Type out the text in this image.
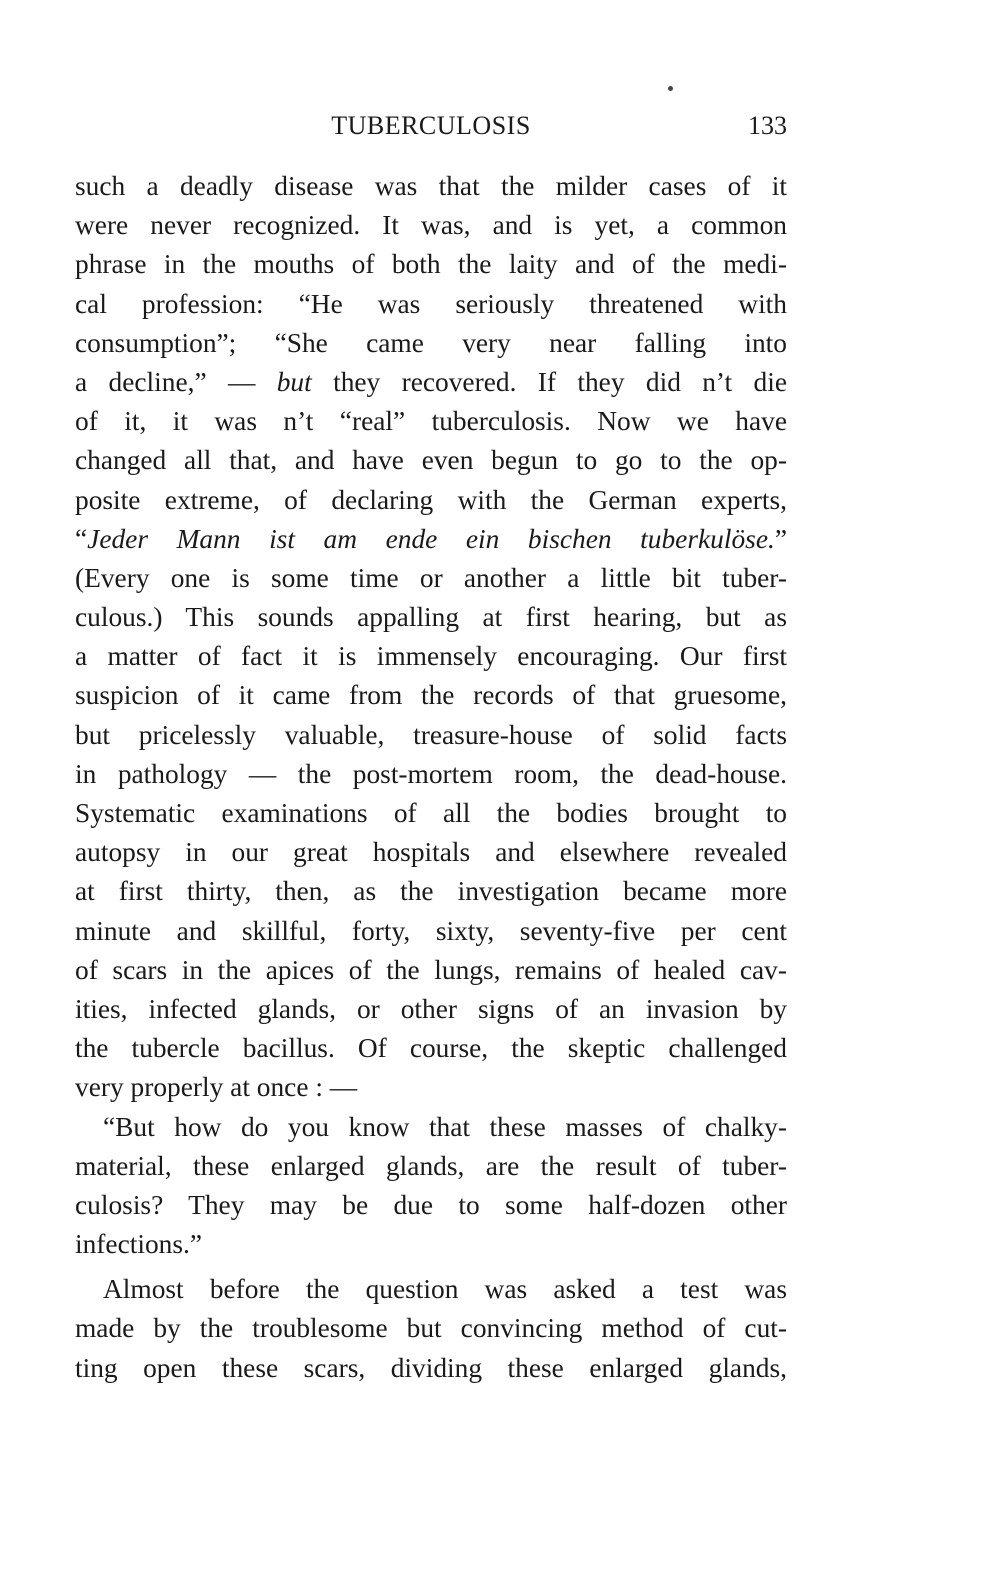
TUBERCULOSIS	133
such a deadly disease was that the milder cases of it
were never recognized. It was, and is yet, a common
phrase in the mouths of both the laity and of the medi-
cal profession: “He was seriously threatened with
consumption”; “She came very near falling into
a decline,” — but they recovered. If they did n’t die
of it, it was n’t “real” tuberculosis. Now we have
changed all that, and have even begun to go to the op-
posite extreme, of declaring with the German experts,
“Jeder Mann ist am ende ein bischen tuberkulöse.”
(Every one is some time or another a little bit tuber-
culous.) This sounds appalling at first hearing, but as
a matter of fact it is immensely encouraging. Our first
suspicion of it came from the records of that gruesome,
but pricelessly valuable, treasure-house of solid facts
in pathology — the post-mortem room, the dead-house.
Systematic examinations of all the bodies brought to
autopsy in our great hospitals and elsewhere revealed
at first thirty, then, as the investigation became more
minute and skillful, forty, sixty, seventy-five per cent
of scars in the apices of the lungs, remains of healed cav-
ities, infected glands, or other signs of an invasion by
the tubercle bacillus. Of course, the skeptic challenged
very properly at once : —
“But how do you know that these masses of chalky-
material, these enlarged glands, are the result of tuber-
culosis? They may be due to some half-dozen other
infections.”
Almost before the question was asked a test was
made by the troublesome but convincing method of cut-
ting open these scars, dividing these enlarged glands,
